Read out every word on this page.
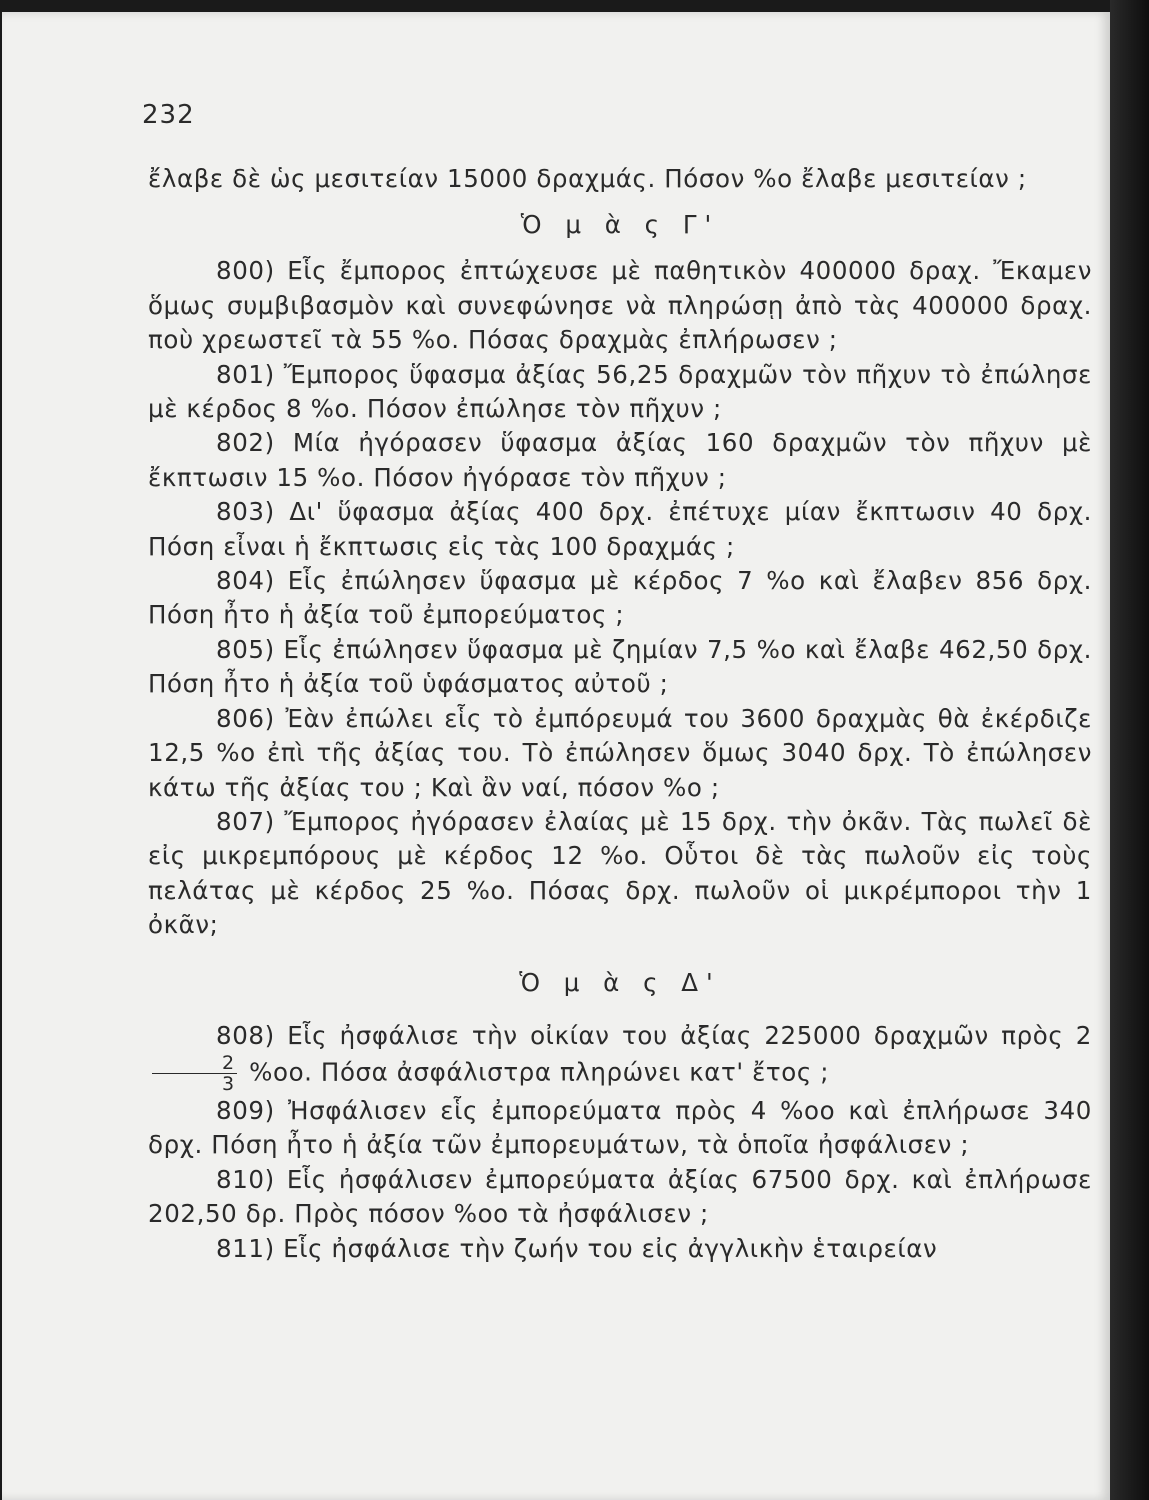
232

ἔλαβε δὲ ὡς μεσιτείαν 15000 δραχμάς. Πόσον %ο ἔλαβε μεσιτείαν ;

Ὁ μ ὰ ς Γ'

800) Εἷς ἔμπορος ἐπτώχευσε μὲ παθητικὸν 400000 δραχ. Ἔκαμεν ὅμως συμβιβασμὸν καὶ συνεφώνησε νὰ πληρώσῃ ἀπὸ τὰς 400000 δραχ. ποὺ χρεωστεῖ τὰ 55 %ο. Πόσας δραχμὰς ἐπλήρωσεν ;

801) Ἔμπορος ὕφασμα ἀξίας 56,25 δραχμῶν τὸν πῆχυν τὸ ἐπώλησε μὲ κέρδος 8 %ο. Πόσον ἐπώλησε τὸν πῆχυν ;

802) Μία ἠγόρασεν ὕφασμα ἀξίας 160 δραχμῶν τὸν πῆχυν μὲ ἔκπτωσιν 15 %ο. Πόσον ἠγόρασε τὸν πῆχυν ;

803) Δι' ὕφασμα ἀξίας 400 δρχ. ἐπέτυχε μίαν ἔκπτωσιν 40 δρχ. Πόση εἶναι ἡ ἔκπτωσις εἰς τὰς 100 δραχμάς ;

804) Εἷς ἐπώλησεν ὕφασμα μὲ κέρδος 7 %ο καὶ ἔλαβεν 856 δρχ. Πόση ἦτο ἡ ἀξία τοῦ ἐμπορεύματος ;

805) Εἷς ἐπώλησεν ὕφασμα μὲ ζημίαν 7,5 %ο καὶ ἔλαβε 462,50 δρχ. Πόση ἦτο ἡ ἀξία τοῦ ὑφάσματος αὐτοῦ ;

806) Ἐὰν ἐπώλει εἷς τὸ ἐμπόρευμά του 3600 δραχμὰς θὰ ἐκέρδιζε 12,5 %ο ἐπὶ τῆς ἀξίας του. Τὸ ἐπώλησεν ὅμως 3040 δρχ. Τὸ ἐπώλησεν κάτω τῆς ἀξίας του ; Καὶ ἂν ναί, πόσον %ο ;

807) Ἔμπορος ἠγόρασεν ἐλαίας μὲ 15 δρχ. τὴν ὀκᾶν. Τὰς πωλεῖ δὲ εἰς μικρεμπόρους μὲ κέρδος 12 %ο. Οὗτοι δὲ τὰς πωλοῦν εἰς τοὺς πελάτας μὲ κέρδος 25 %ο. Πόσας δρχ. πωλοῦν οἱ μικρέμποροι τὴν 1 ὀκᾶν;

Ὁ μ ὰ ς Δ'

808) Εἷς ἠσφάλισε τὴν οἰκίαν του ἀξίας 225000 δραχμῶν πρὸς 2
$\frac{2}{3} \%oo$. Πόσα ἀσφάλιστρα πληρώνει κατ' ἔτος ;

809) Ἠσφάλισεν εἷς ἐμπορεύματα πρὸς 4 %οο καὶ ἐπλήρωσε 340 δρχ. Πόση ἦτο ἡ ἀξία τῶν ἐμπορευμάτων, τὰ ὁποῖα ἠσφάλισεν ;

810) Εἷς ἠσφάλισεν ἐμπορεύματα ἀξίας 67500 δρχ. καὶ ἐπλήρωσε 202,50 δρ. Πρὸς πόσον %οο τὰ ἠσφάλισεν ;

811) Εἷς ἠσφάλισε τὴν ζωήν του εἰς ἀγγλικὴν ἑταιρείαν
